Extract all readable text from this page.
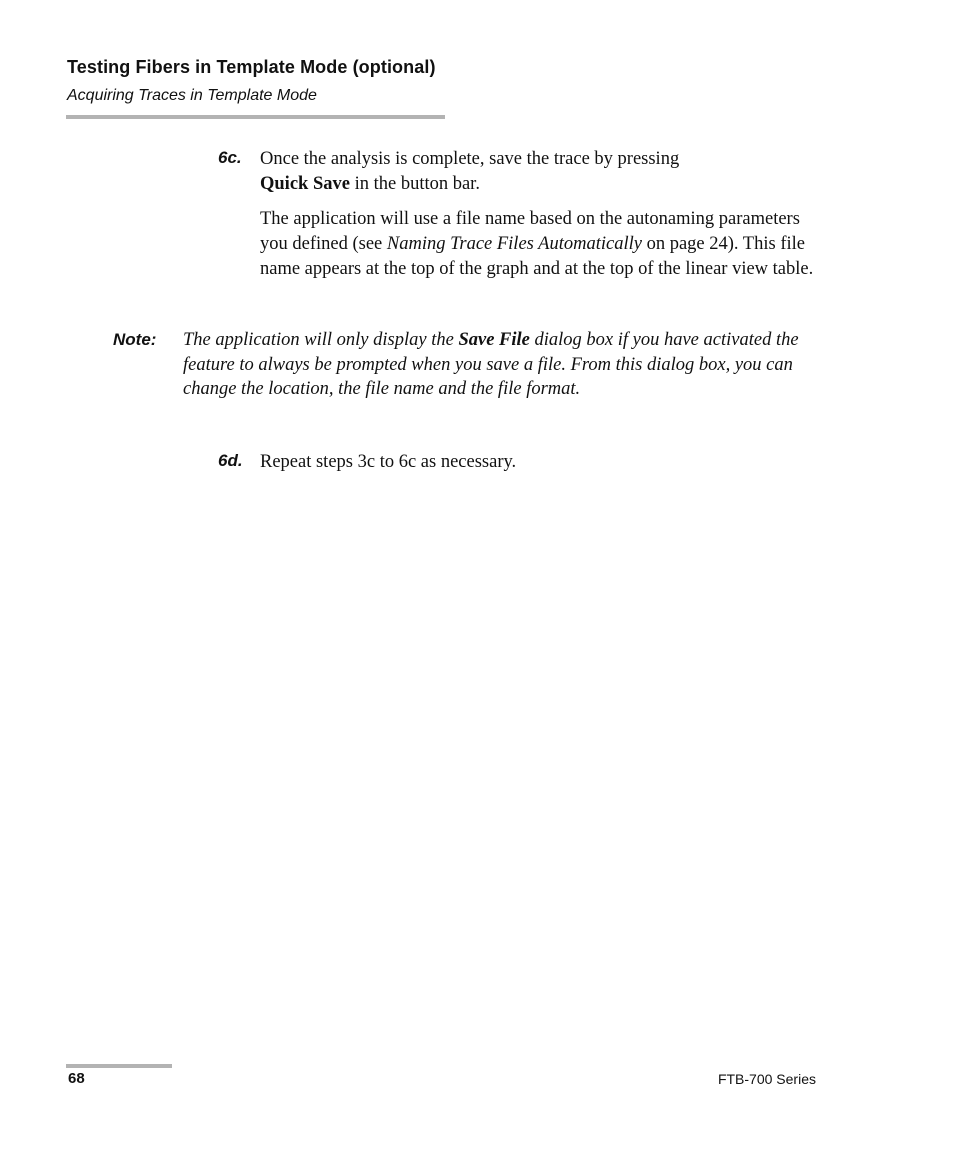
Testing Fibers in Template Mode (optional)
Acquiring Traces in Template Mode
6c. Once the analysis is complete, save the trace by pressing
Quick Save in the button bar.

The application will use a file name based on the autonaming parameters you defined (see Naming Trace Files Automatically on page 24). This file name appears at the top of the graph and at the top of the linear view table.

Note: The application will only display the Save File dialog box if you have activated the feature to always be prompted when you save a file. From this dialog box, you can change the location, the file name and the file format.
6d. Repeat steps 3c to 6c as necessary.

68	FTB-700 Series
